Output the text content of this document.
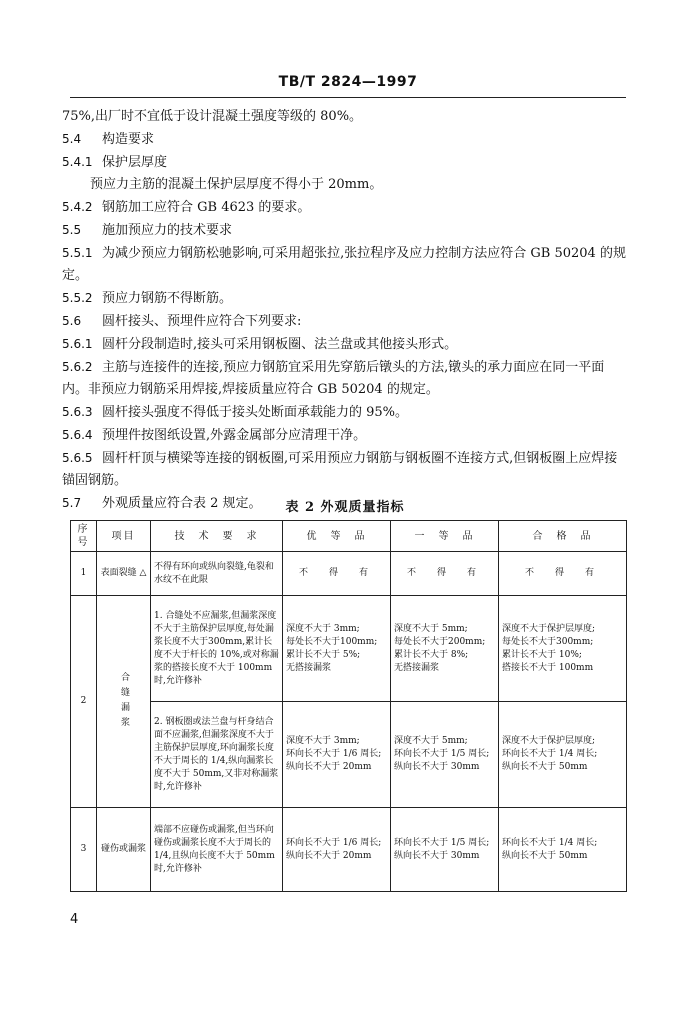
TB/T 2824—1997
75%,出厂时不宜低于设计混凝土强度等级的 80%。
5.4 构造要求
5.4.1 保护层厚度
预应力主筋的混凝土保护层厚度不得小于 20mm。
5.4.2 钢筋加工应符合 GB 4623 的要求。
5.5 施加预应力的技术要求
5.5.1 为减少预应力钢筋松驰影响,可采用超张拉,张拉程序及应力控制方法应符合 GB 50204 的规定。
5.5.2 预应力钢筋不得断筋。
5.6 圆杆接头、预埋件应符合下列要求:
5.6.1 圆杆分段制造时,接头可采用钢板圈、法兰盘或其他接头形式。
5.6.2 主筋与连接件的连接,预应力钢筋宜采用先穿筋后镦头的方法,镦头的承力面应在同一平面内。非预应力钢筋采用焊接,焊接质量应符合 GB 50204 的规定。
5.6.3 圆杆接头强度不得低于接头处断面承载能力的 95%。
5.6.4 预埋件按图纸设置,外露金属部分应清理干净。
5.6.5 圆杆杆顶与横梁等连接的钢板圈,可采用预应力钢筋与钢板圈不连接方式,但钢板圈上应焊接锚固钢筋。
5.7 外观质量应符合表 2 规定。	表 2 外观质量指标
序号	项目	技　术　要　求	优　等　品	一　等　品	合　格　品
1	表面裂缝 △	不得有环向或纵向裂缝,龟裂和水纹不在此限	不　得　有	不　得　有	不　得　有
2	合缝漏浆	1. 合缝处不应漏浆,但漏浆深度不大于主筋保护层厚度,每处漏浆长度不大于300mm,累计长度不大于杆长的 10%,或对称漏浆的搭接长度不大于 100mm 时,允许修补	深度不大于 3mm;
每处长不大于100mm;
累计长不大于 5%;
无搭接漏浆	深度不大于 5mm;
每处长不大于200mm;
累计长不大于 8%;
无搭接漏浆	深度不大于保护层厚度;
每处长不大于300mm;
累计长不大于 10%;
搭接长不大于 100mm
		2. 钢板圈或法兰盘与杆身结合面不应漏浆,但漏浆深度不大于主筋保护层厚度,环向漏浆长度不大于周长的 1/4,纵向漏浆长度不大于 50mm,又非对称漏浆时,允许修补	深度不大于 3mm;
环向长不大于 1/6 周长;
纵向长不大于 20mm	深度不大于 5mm;
环向长不大于 1/5 周长;
纵向长不大于 30mm	深度不大于保护层厚度;
环向长不大于 1/4 周长;
纵向长不大于 50mm
3	碰伤或漏浆	端部不应碰伤或漏浆,但当环向碰伤或漏浆长度不大于周长的 1/4,且纵向长度不大于 50mm 时,允许修补	环向长不大于 1/6 周长;
纵向长不大于 20mm	环向长不大于 1/5 周长;
纵向长不大于 30mm	环向长不大于 1/4 周长;
纵向长不大于 50mm
4
